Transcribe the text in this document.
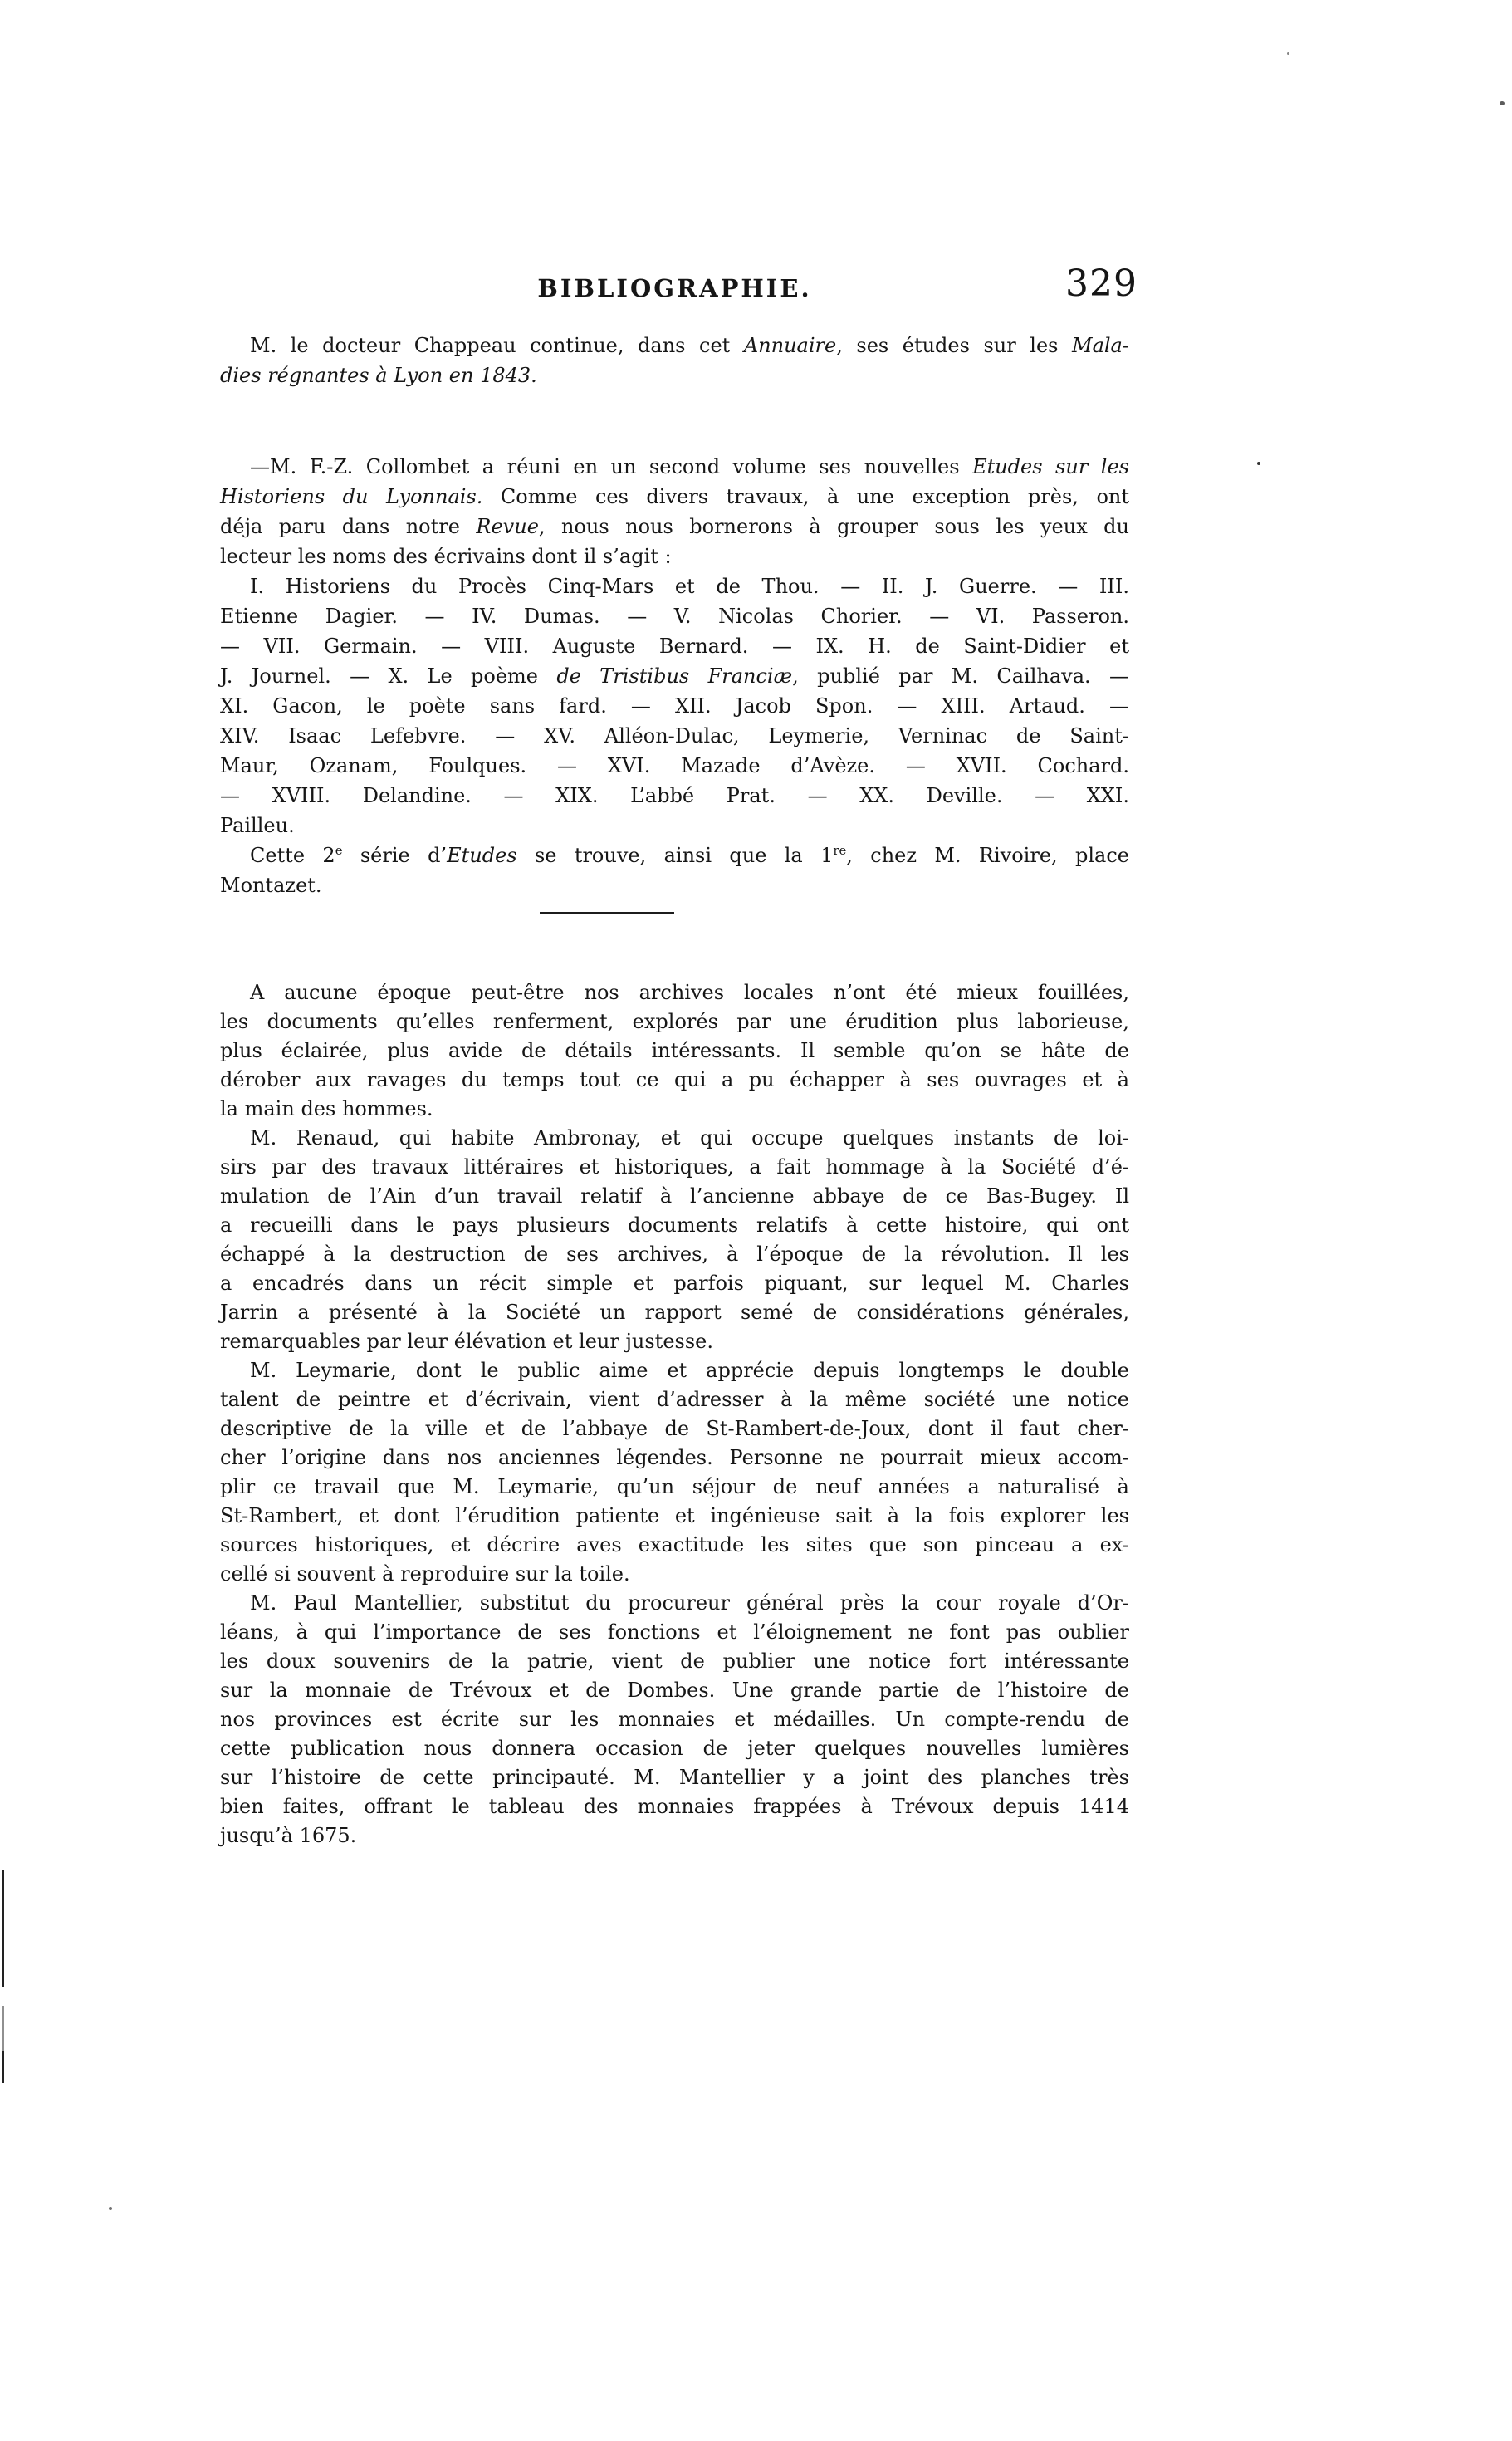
BIBLIOGRAPHIE.	329
M. le docteur Chappeau continue, dans cet Annuaire, ses études sur les Mala-
dies régnantes à Lyon en 1843.
—M. F.-Z. Collombet a réuni en un second volume ses nouvelles Etudes sur les
Historiens du Lyonnais. Comme ces divers travaux, à une exception près, ont
déja paru dans notre Revue, nous nous bornerons à grouper sous les yeux du
lecteur les noms des écrivains dont il s’agit :
I. Historiens du Procès Cinq-Mars et de Thou. — II. J. Guerre. — III.
Etienne Dagier. — IV. Dumas. — V. Nicolas Chorier. — VI. Passeron.
— VII. Germain. — VIII. Auguste Bernard. — IX. H. de Saint-Didier et
J. Journel. — X. Le poème de Tristibus Franciæ, publié par M. Cailhava. —
XI. Gacon, le poète sans fard. — XII. Jacob Spon. — XIII. Artaud. —
XIV. Isaac Lefebvre. — XV. Alléon-Dulac, Leymerie, Verninac de Saint-
Maur, Ozanam, Foulques. — XVI. Mazade d’Avèze. — XVII. Cochard.
— XVIII. Delandine. — XIX. L’abbé Prat. — XX. Deville. — XXI.
Pailleu.
Cette 2e série d’Etudes se trouve, ainsi que la 1re, chez M. Rivoire, place
Montazet.
A aucune époque peut-être nos archives locales n’ont été mieux fouillées,
les documents qu’elles renferment, explorés par une érudition plus laborieuse,
plus éclairée, plus avide de détails intéressants. Il semble qu’on se hâte de
dérober aux ravages du temps tout ce qui a pu échapper à ses ouvrages et à
la main des hommes.
M. Renaud, qui habite Ambronay, et qui occupe quelques instants de loi-
sirs par des travaux littéraires et historiques, a fait hommage à la Société d’é-
mulation de l’Ain d’un travail relatif à l’ancienne abbaye de ce Bas-Bugey. Il
a recueilli dans le pays plusieurs documents relatifs à cette histoire, qui ont
échappé à la destruction de ses archives, à l’époque de la révolution. Il les
a encadrés dans un récit simple et parfois piquant, sur lequel M. Charles
Jarrin a présenté à la Société un rapport semé de considérations générales,
remarquables par leur élévation et leur justesse.
M. Leymarie, dont le public aime et apprécie depuis longtemps le double
talent de peintre et d’écrivain, vient d’adresser à la même société une notice
descriptive de la ville et de l’abbaye de St-Rambert-de-Joux, dont il faut cher-
cher l’origine dans nos anciennes légendes. Personne ne pourrait mieux accom-
plir ce travail que M. Leymarie, qu’un séjour de neuf années a naturalisé à
St-Rambert, et dont l’érudition patiente et ingénieuse sait à la fois explorer les
sources historiques, et décrire aves exactitude les sites que son pinceau a ex-
cellé si souvent à reproduire sur la toile.
M. Paul Mantellier, substitut du procureur général près la cour royale d’Or-
léans, à qui l’importance de ses fonctions et l’éloignement ne font pas oublier
les doux souvenirs de la patrie, vient de publier une notice fort intéressante
sur la monnaie de Trévoux et de Dombes. Une grande partie de l’histoire de
nos provinces est écrite sur les monnaies et médailles. Un compte-rendu de
cette publication nous donnera occasion de jeter quelques nouvelles lumières
sur l’histoire de cette principauté. M. Mantellier y a joint des planches très
bien faites, offrant le tableau des monnaies frappées à Trévoux depuis 1414
jusqu’à 1675.
